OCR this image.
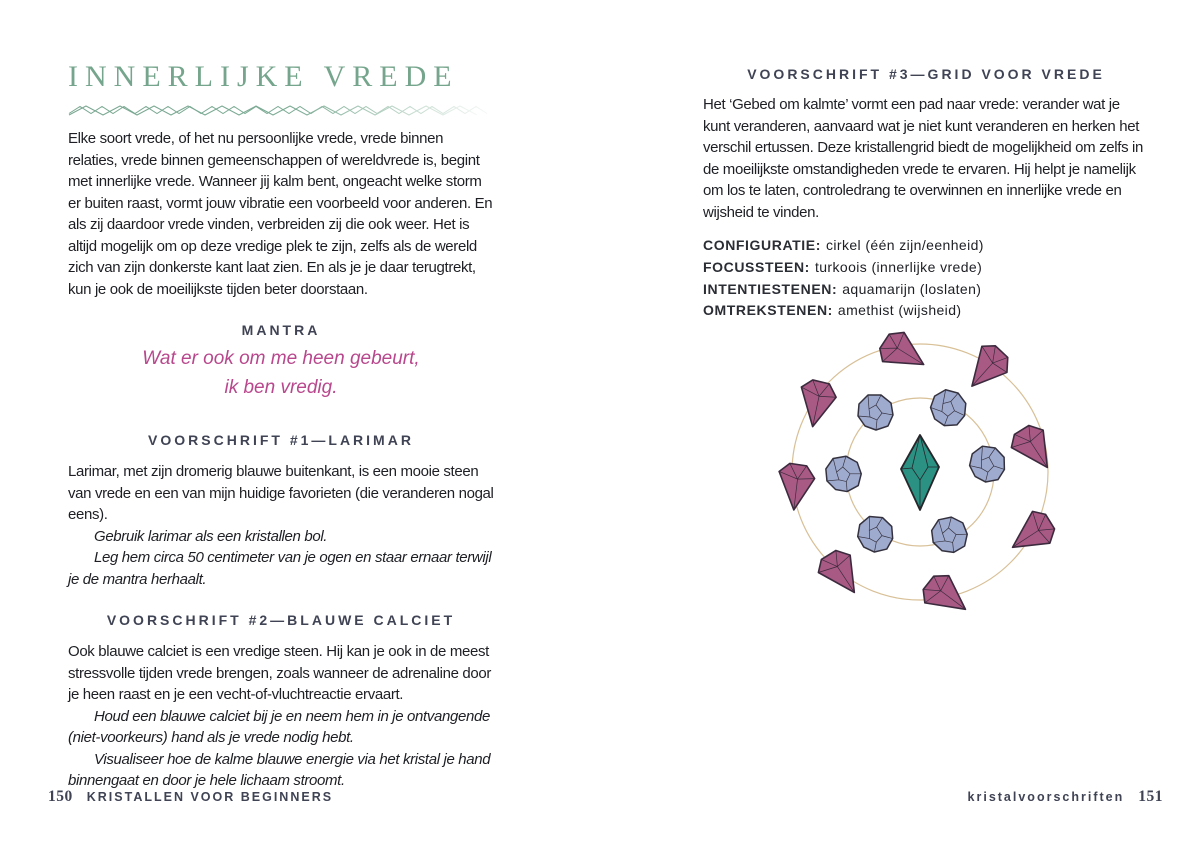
INNERLIJKE VREDE

Elke soort vrede, of het nu persoonlijke vrede, vrede binnen relaties, vrede binnen gemeenschappen of wereldvrede is, begint met innerlijke vrede. Wanneer jij kalm bent, ongeacht welke storm er buiten raast, vormt jouw vibratie een voorbeeld voor anderen. En als zij daardoor vrede vinden, verbreiden zij die ook weer. Het is altijd mogelijk om op deze vredige plek te zijn, zelfs als de wereld zich van zijn donkerste kant laat zien. En als je je daar terugtrekt, kun je ook de moeilijkste tijden beter doorstaan.

MANTRA

Wat er ook om me heen gebeurt,

ik ben vredig.

VOORSCHRIFT #1—LARIMAR

Larimar, met zijn dromerig blauwe buitenkant, is een mooie steen van vrede en een van mijn huidige favorieten (die veranderen nogal eens).

Gebruik larimar als een kristallen bol.

Leg hem circa 50 centimeter van je ogen en staar ernaar terwijl je de mantra herhaalt.

VOORSCHRIFT #2—BLAUWE CALCIET

Ook blauwe calciet is een vredige steen. Hij kan je ook in de meest stressvolle tijden vrede brengen, zoals wanneer de adrenaline door je heen raast en je een vecht-of-vluchtreactie ervaart.

Houd een blauwe calciet bij je en neem hem in je ontvangende (niet-voorkeurs) hand als je vrede nodig hebt.

Visualiseer hoe de kalme blauwe energie via het kristal je hand binnengaat en door je hele lichaam stroomt.

VOORSCHRIFT #3—GRID VOOR VREDE

Het ‘Gebed om kalmte’ vormt een pad naar vrede: verander wat je kunt veranderen, aanvaard wat je niet kunt veranderen en herken het verschil ertussen. Deze kristallengrid biedt de mogelijkheid om zelfs in de moeilijkste omstandigheden vrede te ervaren. Hij helpt je namelijk om los te laten, controledrang te overwinnen en innerlijke vrede en wijsheid te vinden.

CONFIGURATIE: cirkel (één zijn/eenheid)
FOCUSSTEEN: turkoois (innerlijke vrede)
INTENTIESTENEN: aquamarijn (loslaten)
OMTREKSTENEN: amethist (wijsheid)
150 KRISTALLEN VOOR BEGINNERS	kristalvoorschriften 151
